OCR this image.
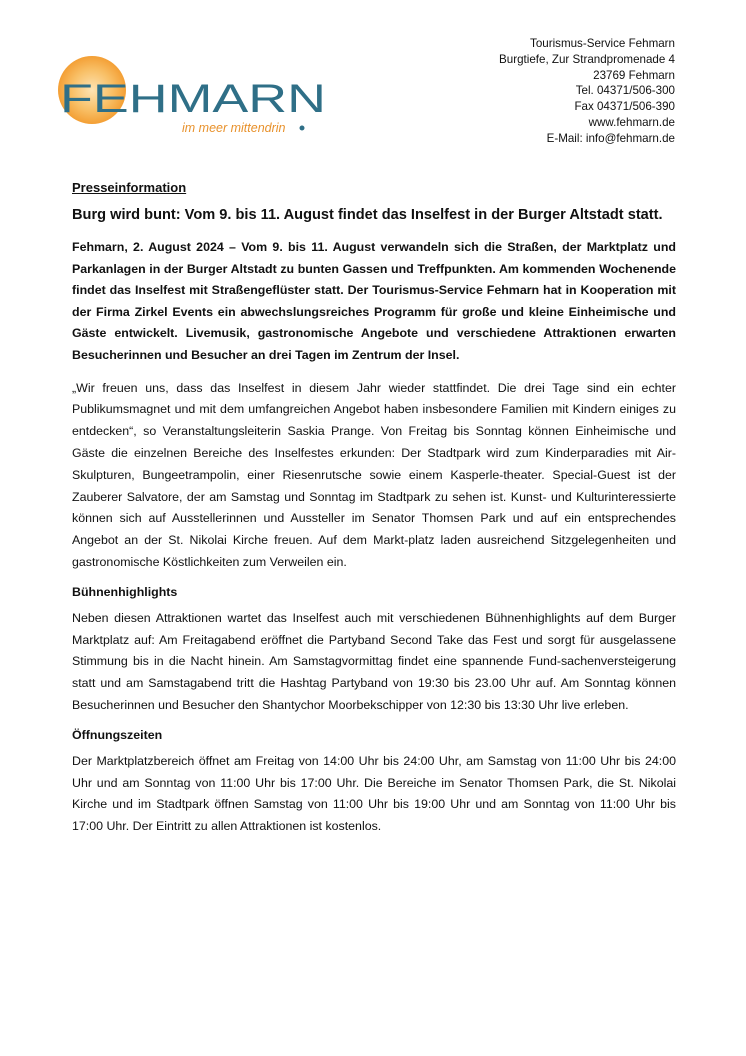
FEHMARN
im meer mittendrin
Tourismus-Service Fehmarn
Burgtiefe, Zur Strandpromenade 4
23769 Fehmarn
Tel. 04371/506-300
Fax 04371/506-390
www.fehmarn.de
E-Mail: info@fehmarn.de

Presseinformation

Burg wird bunt: Vom 9. bis 11. August findet das Inselfest in der Burger Altstadt statt.

Fehmarn, 2. August 2024 – Vom 9. bis 11. August verwandeln sich die Straßen, der Marktplatz und Parkanlagen in der Burger Altstadt zu bunten Gassen und Treffpunkten. Am kommenden Wochenende findet das Inselfest mit Straßengeflüster statt. Der Tourismus-Service Fehmarn hat in Kooperation mit der Firma Zirkel Events ein abwechslungsreiches Programm für große und kleine Einheimische und Gäste entwickelt. Livemusik, gastronomische Angebote und verschiedene Attraktionen erwarten Besucherinnen und Besucher an drei Tagen im Zentrum der Insel.

„Wir freuen uns, dass das Inselfest in diesem Jahr wieder stattfindet. Die drei Tage sind ein echter Publikumsmagnet und mit dem umfangreichen Angebot haben insbesondere Familien mit Kindern einiges zu entdecken“, so Veranstaltungsleiterin Saskia Prange. Von Freitag bis Sonntag können Einheimische und Gäste die einzelnen Bereiche des Inselfestes erkunden: Der Stadtpark wird zum Kinderparadies mit Air-Skulpturen, Bungeetrampolin, einer Riesenrutsche sowie einem Kasperle-theater. Special-Guest ist der Zauberer Salvatore, der am Samstag und Sonntag im Stadtpark zu sehen ist. Kunst- und Kulturinteressierte können sich auf Ausstellerinnen und Aussteller im Senator Thomsen Park und auf ein entsprechendes Angebot an der St. Nikolai Kirche freuen. Auf dem Markt-platz laden ausreichend Sitzgelegenheiten und gastronomische Köstlichkeiten zum Verweilen ein.

Bühnenhighlights

Neben diesen Attraktionen wartet das Inselfest auch mit verschiedenen Bühnenhighlights auf dem Burger Marktplatz auf: Am Freitagabend eröffnet die Partyband Second Take das Fest und sorgt für ausgelassene Stimmung bis in die Nacht hinein. Am Samstagvormittag findet eine spannende Fund-sachenversteigerung statt und am Samstagabend tritt die Hashtag Partyband von 19:30 bis 23.00 Uhr auf. Am Sonntag können Besucherinnen und Besucher den Shantychor Moorbekschipper von 12:30 bis 13:30 Uhr live erleben.

Öffnungszeiten

Der Marktplatzbereich öffnet am Freitag von 14:00 Uhr bis 24:00 Uhr, am Samstag von 11:00 Uhr bis 24:00 Uhr und am Sonntag von 11:00 Uhr bis 17:00 Uhr. Die Bereiche im Senator Thomsen Park, die St. Nikolai Kirche und im Stadtpark öffnen Samstag von 11:00 Uhr bis 19:00 Uhr und am Sonntag von 11:00 Uhr bis 17:00 Uhr. Der Eintritt zu allen Attraktionen ist kostenlos.
